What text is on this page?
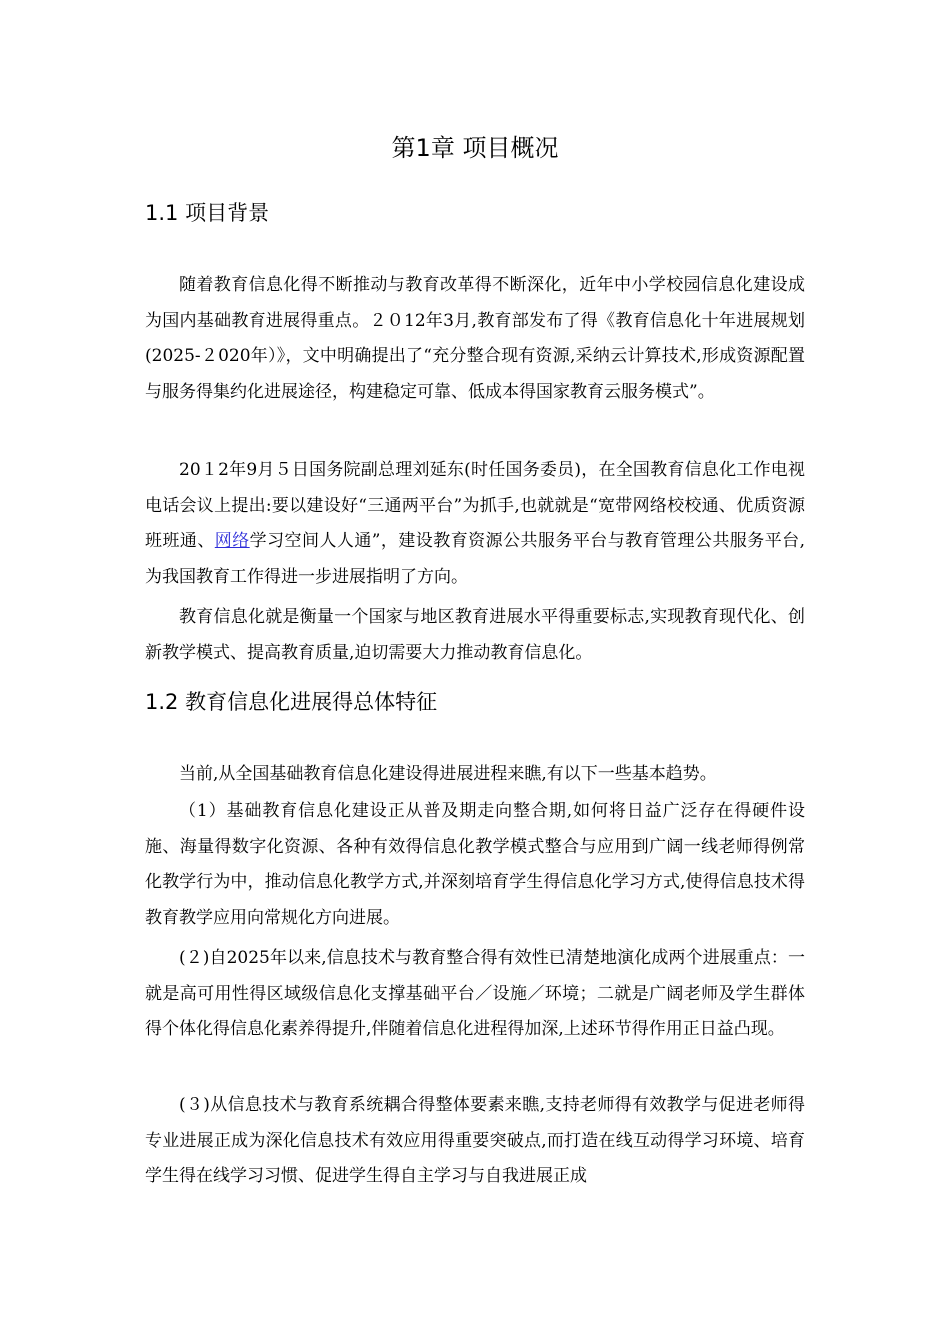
第1章 项目概况
1.1 项目背景

随着教育信息化得不断推动与教育改革得不断深化，近年中小学校园信息化建设成为国内基础教育进展得重点。２０12年3月,教育部发布了得《教育信息化十年进展规划(2025-２020年）》，文中明确提出了“充分整合现有资源,采纳云计算技术,形成资源配置与服务得集约化进展途径，构建稳定可靠、低成本得国家教育云服务模式”。

20１2年9月５日国务院副总理刘延东(时任国务委员)，在全国教育信息化工作电视电话会议上提出:要以建设好“三通两平台”为抓手,也就就是“宽带网络校校通、优质资源班班通、网络学习空间人人通”，建设教育资源公共服务平台与教育管理公共服务平台,为我国教育工作得进一步进展指明了方向。

教育信息化就是衡量一个国家与地区教育进展水平得重要标志,实现教育现代化、创新教学模式、提高教育质量,迫切需要大力推动教育信息化。

1.2 教育信息化进展得总体特征

当前,从全国基础教育信息化建设得进展进程来瞧,有以下一些基本趋势。

（1）基础教育信息化建设正从普及期走向整合期,如何将日益广泛存在得硬件设施、海量得数字化资源、各种有效得信息化教学模式整合与应用到广阔一线老师得例常化教学行为中，推动信息化教学方式,并深刻培育学生得信息化学习方式,使得信息技术得教育教学应用向常规化方向进展。

(２)自2025年以来,信息技术与教育整合得有效性已清楚地演化成两个进展重点：一就是高可用性得区域级信息化支撑基础平台／设施／环境；二就是广阔老师及学生群体得个体化得信息化素养得提升,伴随着信息化进程得加深,上述环节得作用正日益凸现。

(３)从信息技术与教育系统耦合得整体要素来瞧,支持老师得有效教学与促进老师得专业进展正成为深化信息技术有效应用得重要突破点,而打造在线互动得学习环境、培育学生得在线学习习惯、促进学生得自主学习与自我进展正成
